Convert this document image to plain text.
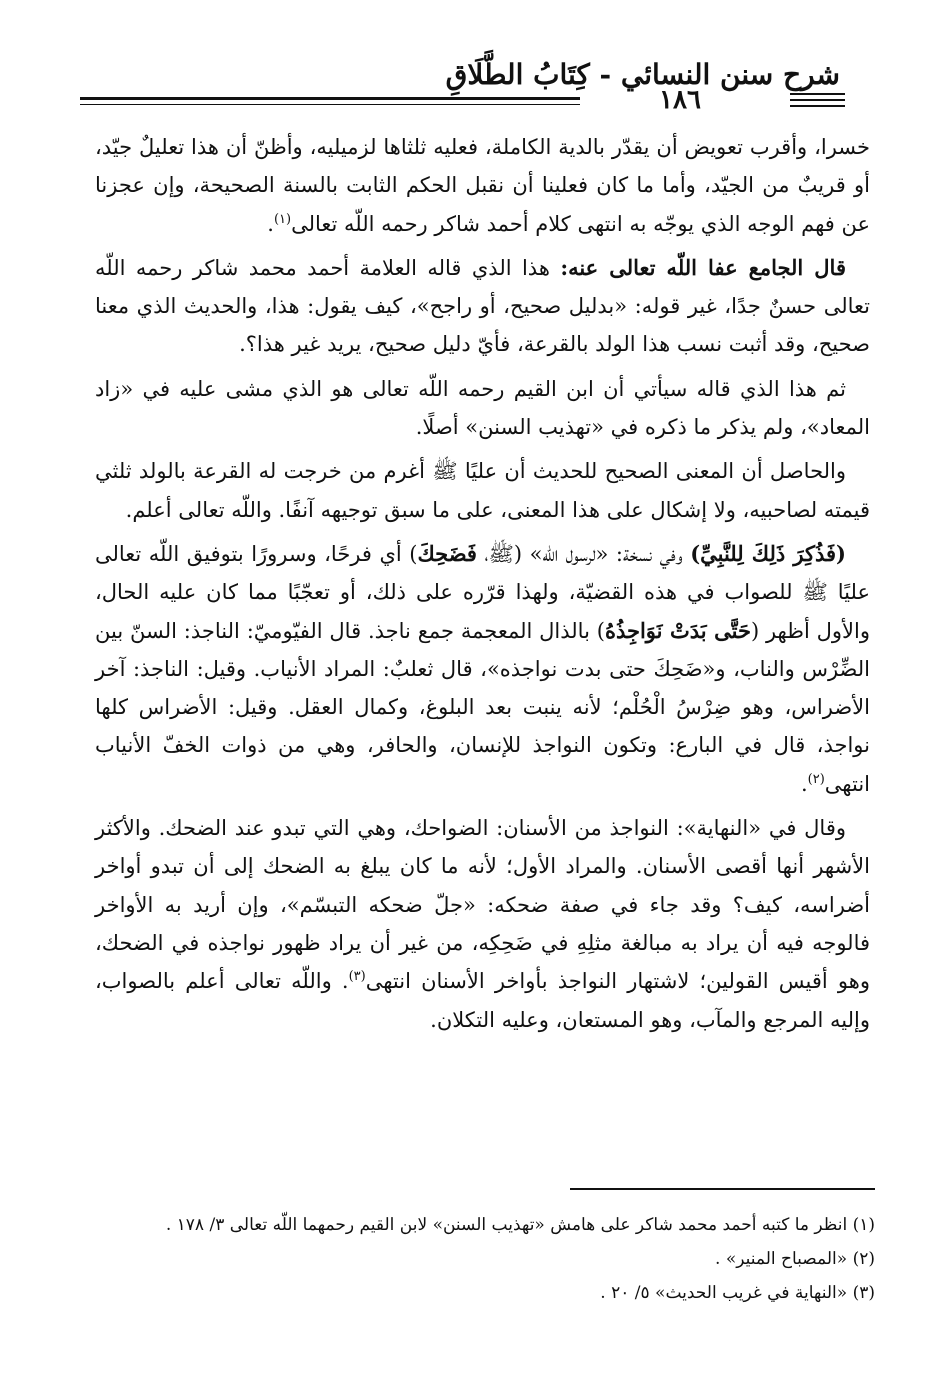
شرح سنن النسائي - كِتَابُ الطَّلَاقِ
١٨٦

خسرا، وأقرب تعويض أن يقدّر بالدية الكاملة، فعليه ثلثاها لزميليه، وأظنّ أن هذا تعليلٌ جيّد، أو قريبٌ من الجيّد، وأما ما كان فعلينا أن نقبل الحكم الثابت بالسنة الصحيحة، وإن عجزنا عن فهم الوجه الذي يوجّه به انتهى كلام أحمد شاكر رحمه اللّه تعالى$^{(١)}$.

قال الجامع عفا اللّه تعالى عنه: هذا الذي قاله العلامة أحمد محمد شاكر رحمه اللّه تعالى حسنٌ جدًا، غير قوله: «بدليل صحيح، أو راجح»، كيف يقول: هذا، والحديث الذي معنا صحيح، وقد أثبت نسب هذا الولد بالقرعة، فأيّ دليل صحيح، يريد غير هذا؟.

ثم هذا الذي قاله سيأتي أن ابن القيم رحمه اللّه تعالى هو الذي مشى عليه في «زاد المعاد»، ولم يذكر ما ذكره في «تهذيب السنن» أصلًا.

والحاصل أن المعنى الصحيح للحديث أن عليًا ﷺ أغرم من خرجت له القرعة بالولد ثلثي قيمته لصاحبيه، ولا إشكال على هذا المعنى، على ما سبق توجيهه آنفًا. واللّه تعالى أعلم.

(فَذُكِرَ ذَلِكَ لِلنَّبِيِّ) وفي نسخة: «لرسول اللّه» (ﷺ، فَضَحِكَ) أي فرحًا، وسرورًا بتوفيق اللّه تعالى عليًا ﷺ للصواب في هذه القضيّة، ولهذا قرّره على ذلك، أو تعجّبًا مما كان عليه الحال، والأول أظهر (حَتَّى بَدَتْ نَوَاجِذُهُ) بالذال المعجمة جمع ناجذ. قال الفيّوميّ: الناجذ: السنّ بين الضِّرْس والناب، و«ضَحِكَ حتى بدت نواجذه»، قال ثعلبٌ: المراد الأنياب. وقيل: الناجذ: آخر الأضراس، وهو ضِرْسُ الْحُلْم؛ لأنه ينبت بعد البلوغ، وكمال العقل. وقيل: الأضراس كلها نواجذ، قال في البارع: وتكون النواجذ للإنسان، والحافر، وهي من ذوات الخفّ الأنياب انتهى$^{(٢)}$.

وقال في «النهاية»: النواجذ من الأسنان: الضواحك، وهي التي تبدو عند الضحك. والأكثر الأشهر أنها أقصى الأسنان. والمراد الأول؛ لأنه ما كان يبلغ به الضحك إلى أن تبدو أواخر أضراسه، كيف؟ وقد جاء في صفة ضحكه: «جلّ ضحكه التبسّم»، وإن أريد به الأواخر فالوجه فيه أن يراد به مبالغة مثلِهِ في ضَحِكِه، من غير أن يراد ظهور نواجذه في الضحك، وهو أقيس القولين؛ لاشتهار النواجذ بأواخر الأسنان انتهى$^{(٣)}$. واللّه تعالى أعلم بالصواب، وإليه المرجع والمآب، وهو المستعان، وعليه التكلان.

(١) انظر ما كتبه أحمد محمد شاكر على هامش «تهذيب السنن» لابن القيم رحمهما اللّه تعالى ٣/ ١٧٨ .
(٢) «المصباح المنير» .
(٣) «النهاية في غريب الحديث» ٥/ ٢٠ .
